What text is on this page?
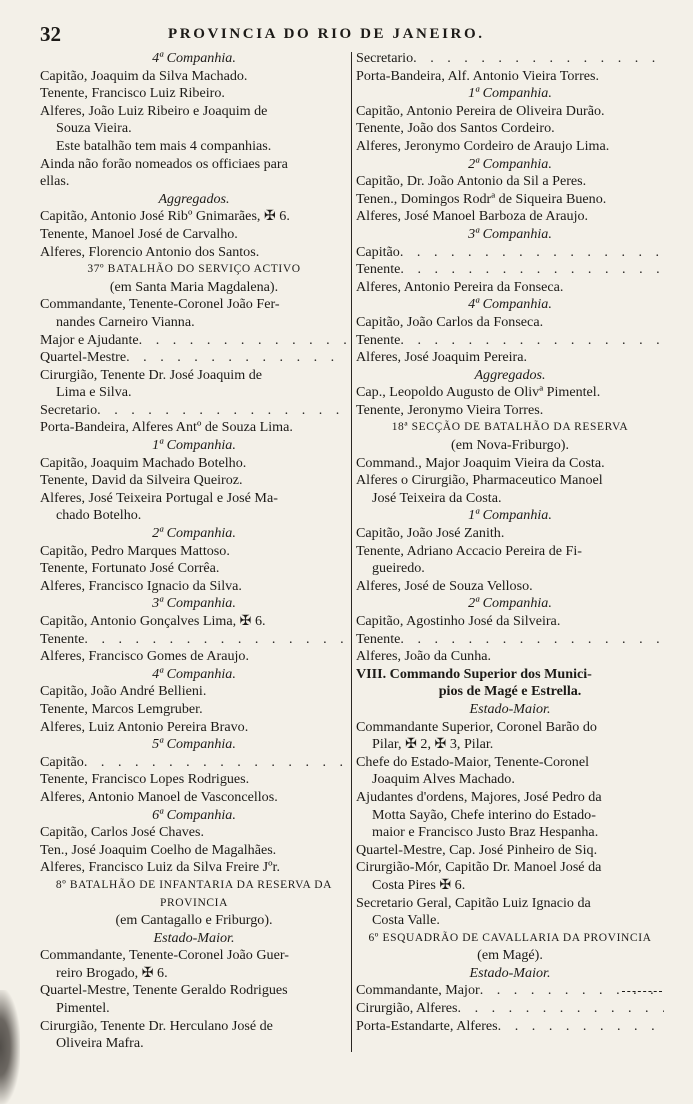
32	PROVINCIA DO RIO DE JANEIRO.
4ª Companhia.
Capitão, Joaquim da Silva Machado.
Tenente, Francisco Luiz Ribeiro.
Alferes, João Luiz Ribeiro e Joaquim de
Souza Vieira.
Este batalhão tem mais 4 companhias.
Ainda não forão nomeados os officiaes para
ellas.
Aggregados.
Capitão, Antonio José Ribº Gnimarães, ✠ 6.
Tenente, Manoel José de Carvalho.
Alferes, Florencio Antonio dos Santos.
37º BATALHÃO DO SERVIÇO ACTIVO
(em Santa Maria Magdalena).
Commandante, Tenente-Coronel João Fer-
nandes Carneiro Vianna.
Major e Ajudante
. . .
Quartel-Mestre
. . .
Cirurgião, Tenente Dr. José Joaquim de
Lima e Silva.
Secretario
. . .
Porta-Bandeira, Alferes Antº de Souza Lima.
1ª Companhia.
Capitão, Joaquim Machado Botelho.
Tenente, David da Silveira Queiroz.
Alferes, José Teixeira Portugal e José Ma-
chado Botelho.
2ª Companhia.
Capitão, Pedro Marques Mattoso.
Tenente, Fortunato José Corrêa.
Alferes, Francisco Ignacio da Silva.
3ª Companhia.
Capitão, Antonio Gonçalves Lima, ✠ 6.
Tenente
. . .
Alferes, Francisco Gomes de Araujo.
4ª Companhia.
Capitão, João André Bellieni.
Tenente, Marcos Lemgruber.
Alferes, Luiz Antonio Pereira Bravo.
5ª Companhia.
Capitão
. . .
Tenente, Francisco Lopes Rodrigues.
Alferes, Antonio Manoel de Vasconcellos.
6ª Companhia.
Capitão, Carlos José Chaves.
Ten., José Joaquim Coelho de Magalhães.
Alferes, Francisco Luiz da Silva Freire Jºr.
8º BATALHÃO DE INFANTARIA DA RESERVA DA
PROVINCIA
(em Cantagallo e Friburgo).
Estado-Maior.
Commandante, Tenente-Coronel João Guer-
reiro Brogado, ✠ 6.
Quartel-Mestre, Tenente Geraldo Rodrigues
Pimentel.
Cirurgião, Tenente Dr. Herculano José de
Oliveira Mafra.
Secretario
. . .
Porta-Bandeira, Alf. Antonio Vieira Torres.
1ª Companhia.
Capitão, Antonio Pereira de Oliveira Durão.
Tenente, João dos Santos Cordeiro.
Alferes, Jeronymo Cordeiro de Araujo Lima.
2ª Companhia.
Capitão, Dr. João Antonio da Sil a Peres.
Tenen., Domingos Rodrª de Siqueira Bueno.
Alferes, José Manoel Barboza de Araujo.
3ª Companhia.
Capitão
. . .
Tenente
. . .
Alferes, Antonio Pereira da Fonseca.
4ª Companhia.
Capitão, João Carlos da Fonseca.
Tenente
. . .
Alferes, José Joaquim Pereira.
Aggregados.
Cap., Leopoldo Augusto de Olivª Pimentel.
Tenente, Jeronymo Vieira Torres.
18ª SECÇÃO DE BATALHÃO DA RESERVA
(em Nova-Friburgo).
Command., Major Joaquim Vieira da Costa.
Alferes o Cirurgião, Pharmaceutico Manoel
José Teixeira da Costa.
1ª Companhia.
Capitão, João José Zanith.
Tenente, Adriano Accacio Pereira de Fi-
gueiredo.
Alferes, José de Souza Velloso.
2ª Companhia.
Capitão, Agostinho José da Silveira.
Tenente
. . .
Alferes, João da Cunha.
VIII. Commando Superior dos Munici-
pios de Magé e Estrella.
Estado-Maior.
Commandante Superior, Coronel Barão do
Pilar, ✠ 2, ✠ 3, Pilar.
Chefe do Estado-Maior, Tenente-Coronel
Joaquim Alves Machado.
Ajudantes d'ordens, Majores, José Pedro da
Motta Sayão, Chefe interino do Estado-
maior e Francisco Justo Braz Hespanha.
Quartel-Mestre, Cap. José Pinheiro de Siq.
Cirurgião-Mór, Capitão Dr. Manoel José da
Costa Pires ✠ 6.
Secretario Geral, Capitão Luiz Ignacio da
Costa Valle.
6º ESQUADRÃO DE CAVALLARIA DA PROVINCIA
(em Magé).
Estado-Maior.
Commandante, Major
. . .
Cirurgião, Alferes
. . .
Porta-Estandarte, Alferes
. . .
